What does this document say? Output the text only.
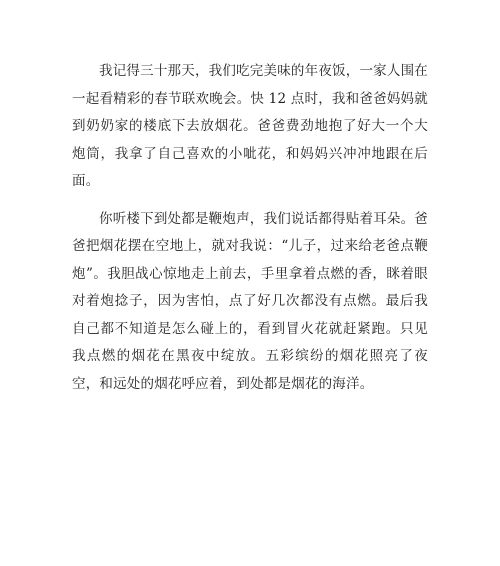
我记得三十那天，我们吃完美味的年夜饭，一家人围在一起看精彩的春节联欢晚会。快 12 点时，我和爸爸妈妈就到奶奶家的楼底下去放烟花。爸爸费劲地抱了好大一个大炮筒，我拿了自己喜欢的小呲花，和妈妈兴冲冲地跟在后面。

你听楼下到处都是鞭炮声，我们说话都得贴着耳朵。爸爸把烟花摆在空地上，就对我说：“儿子，过来给老爸点鞭炮”。我胆战心惊地走上前去，手里拿着点燃的香，眯着眼对着炮捻子，因为害怕，点了好几次都没有点燃。最后我自己都不知道是怎么碰上的，看到冒火花就赶紧跑。只见我点燃的烟花在黑夜中绽放。五彩缤纷的烟花照亮了夜空，和远处的烟花呼应着，到处都是烟花的海洋。
